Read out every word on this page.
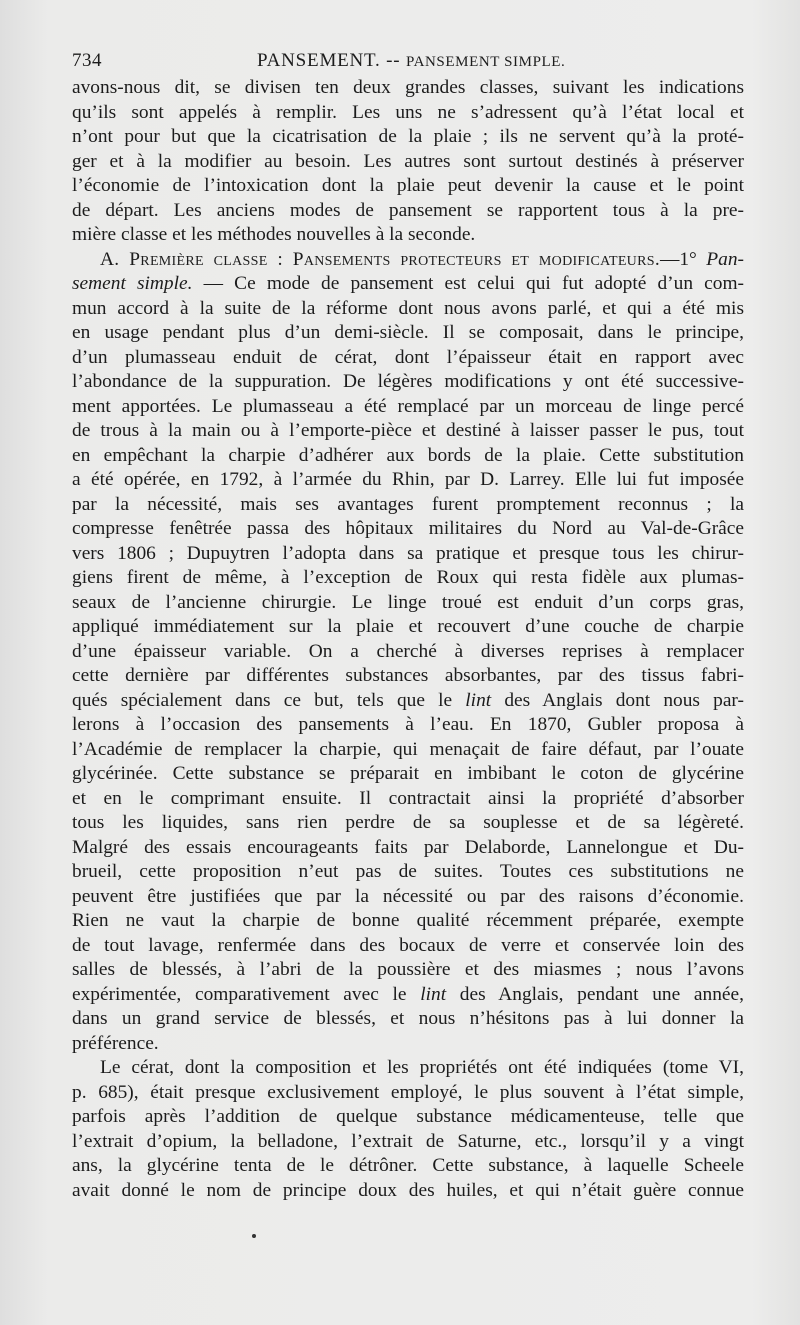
734	PANSEMENT. -- PANSEMENT SIMPLE.
avons-nous dit, se divisen ten deux grandes classes, suivant les indications
qu’ils sont appelés à remplir. Les uns ne s’adressent qu’à l’état local et
n’ont pour but que la cicatrisation de la plaie ; ils ne servent qu’à la proté-
ger et à la modifier au besoin. Les autres sont surtout destinés à préserver
l’économie de l’intoxication dont la plaie peut devenir la cause et le point
de départ. Les anciens modes de pansement se rapportent tous à la pre-
mière classe et les méthodes nouvelles à la seconde.
A. Première classe : Pansements protecteurs et modificateurs.—1° Pan-
sement simple. — Ce mode de pansement est celui qui fut adopté d’un com-
mun accord à la suite de la réforme dont nous avons parlé, et qui a été mis
en usage pendant plus d’un demi-siècle. Il se composait, dans le principe,
d’un plumasseau enduit de cérat, dont l’épaisseur était en rapport avec
l’abondance de la suppuration. De légères modifications y ont été successive-
ment apportées. Le plumasseau a été remplacé par un morceau de linge percé
de trous à la main ou à l’emporte-pièce et destiné à laisser passer le pus, tout
en empêchant la charpie d’adhérer aux bords de la plaie. Cette substitution
a été opérée, en 1792, à l’armée du Rhin, par D. Larrey. Elle lui fut imposée
par la nécessité, mais ses avantages furent promptement reconnus ; la
compresse fenêtrée passa des hôpitaux militaires du Nord au Val-de-Grâce
vers 1806 ; Dupuytren l’adopta dans sa pratique et presque tous les chirur-
giens firent de même, à l’exception de Roux qui resta fidèle aux plumas-
seaux de l’ancienne chirurgie. Le linge troué est enduit d’un corps gras,
appliqué immédiatement sur la plaie et recouvert d’une couche de charpie
d’une épaisseur variable. On a cherché à diverses reprises à remplacer
cette dernière par différentes substances absorbantes, par des tissus fabri-
qués spécialement dans ce but, tels que le lint des Anglais dont nous par-
lerons à l’occasion des pansements à l’eau. En 1870, Gubler proposa à
l’Académie de remplacer la charpie, qui menaçait de faire défaut, par l’ouate
glycérinée. Cette substance se préparait en imbibant le coton de glycérine
et en le comprimant ensuite. Il contractait ainsi la propriété d’absorber
tous les liquides, sans rien perdre de sa souplesse et de sa légèreté.
Malgré des essais encourageants faits par Delaborde, Lannelongue et Du-
brueil, cette proposition n’eut pas de suites. Toutes ces substitutions ne
peuvent être justifiées que par la nécessité ou par des raisons d’économie.
Rien ne vaut la charpie de bonne qualité récemment préparée, exempte
de tout lavage, renfermée dans des bocaux de verre et conservée loin des
salles de blessés, à l’abri de la poussière et des miasmes ; nous l’avons
expérimentée, comparativement avec le lint des Anglais, pendant une année,
dans un grand service de blessés, et nous n’hésitons pas à lui donner la
préférence.
Le cérat, dont la composition et les propriétés ont été indiquées (tome VI,
p. 685), était presque exclusivement employé, le plus souvent à l’état simple,
parfois après l’addition de quelque substance médicamenteuse, telle que
l’extrait d’opium, la belladone, l’extrait de Saturne, etc., lorsqu’il y a vingt
ans, la glycérine tenta de le détrôner. Cette substance, à laquelle Scheele
avait donné le nom de principe doux des huiles, et qui n’était guère connue
